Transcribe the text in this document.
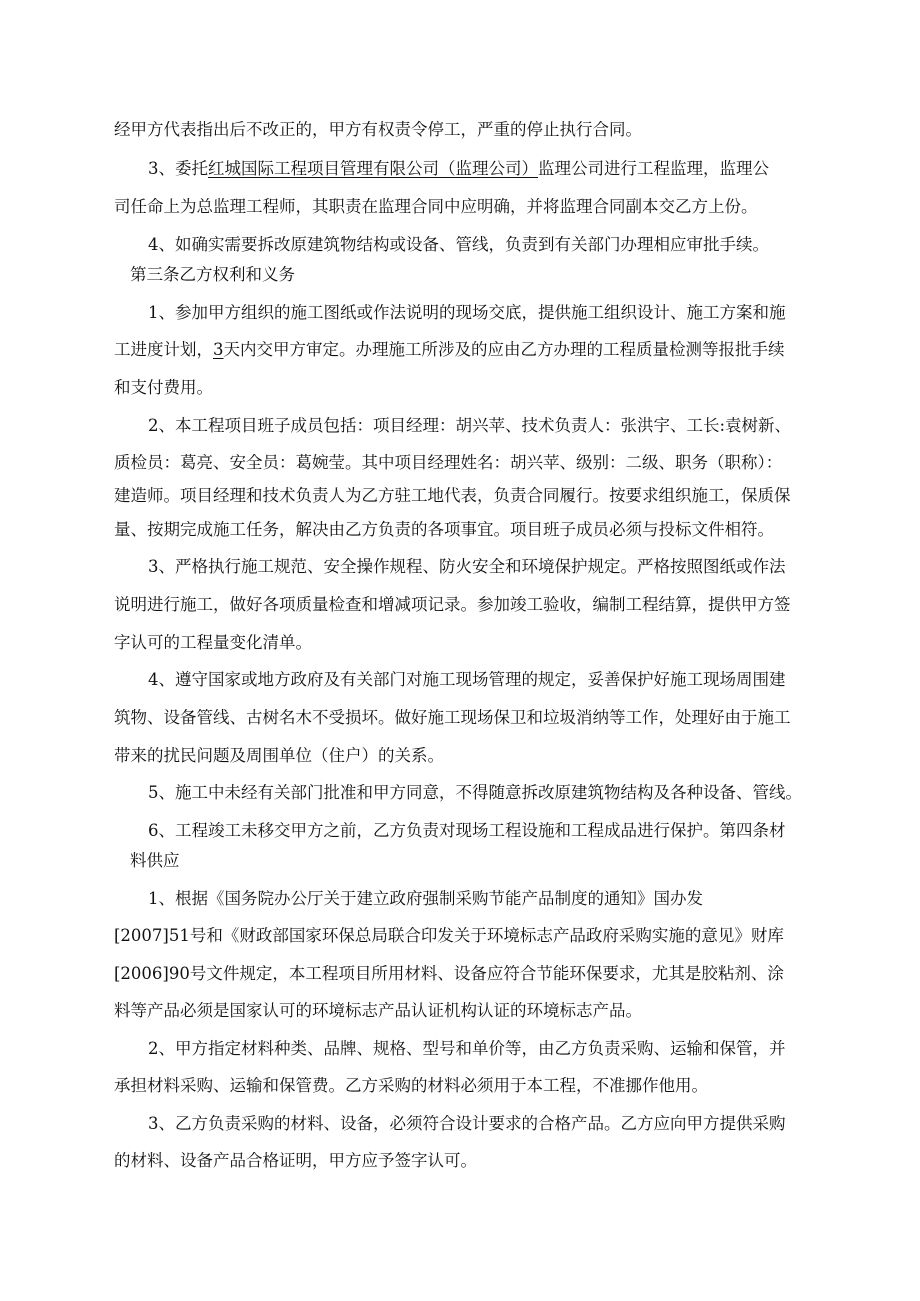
经甲方代表指出后不改正的，甲方有权责令停工，严重的停止执行合同。
3、委托红城国际工程项目管理有限公司（监理公司）监理公司进行工程监理，监理公
司任命上为总监理工程师，其职责在监理合同中应明确，并将监理合同副本交乙方上份。
4、如确实需要拆改原建筑物结构或设备、管线，负责到有关部门办理相应审批手续。
第三条乙方权利和义务
1、参加甲方组织的施工图纸或作法说明的现场交底，提供施工组织设计、施工方案和施
工进度计划，3天内交甲方审定。办理施工所涉及的应由乙方办理的工程质量检测等报批手续
和支付费用。
2、本工程项目班子成员包括：项目经理：胡兴苹、技术负责人：张洪宇、工长:袁树新、
质检员：葛亮、安全员：葛婉莹。其中项目经理姓名：胡兴苹、级别：二级、职务（职称）：
建造师。项目经理和技术负责人为乙方驻工地代表，负责合同履行。按要求组织施工，保质保
量、按期完成施工任务，解决由乙方负责的各项事宜。项目班子成员必须与投标文件相符。
3、严格执行施工规范、安全操作规程、防火安全和环境保护规定。严格按照图纸或作法
说明进行施工，做好各项质量检查和增减项记录。参加竣工验收，编制工程结算，提供甲方签
字认可的工程量变化清单。
4、遵守国家或地方政府及有关部门对施工现场管理的规定，妥善保护好施工现场周围建
筑物、设备管线、古树名木不受损坏。做好施工现场保卫和垃圾消纳等工作，处理好由于施工
带来的扰民问题及周围单位（住户）的关系。
5、施工中未经有关部门批准和甲方同意，不得随意拆改原建筑物结构及各种设备、管线。
6、工程竣工未移交甲方之前，乙方负责对现场工程设施和工程成品进行保护。第四条材
料供应
1、根据《国务院办公厅关于建立政府强制采购节能产品制度的通知》国办发
[2007]51号和《财政部国家环保总局联合印发关于环境标志产品政府采购实施的意见》财库
[2006]90号文件规定，本工程项目所用材料、设备应符合节能环保要求，尤其是胶粘剂、涂
料等产品必须是国家认可的环境标志产品认证机构认证的环境标志产品。
2、甲方指定材料种类、品牌、规格、型号和单价等，由乙方负责采购、运输和保管，并
承担材料采购、运输和保管费。乙方采购的材料必须用于本工程，不准挪作他用。
3、乙方负责采购的材料、设备，必须符合设计要求的合格产品。乙方应向甲方提供采购
的材料、设备产品合格证明，甲方应予签字认可。
